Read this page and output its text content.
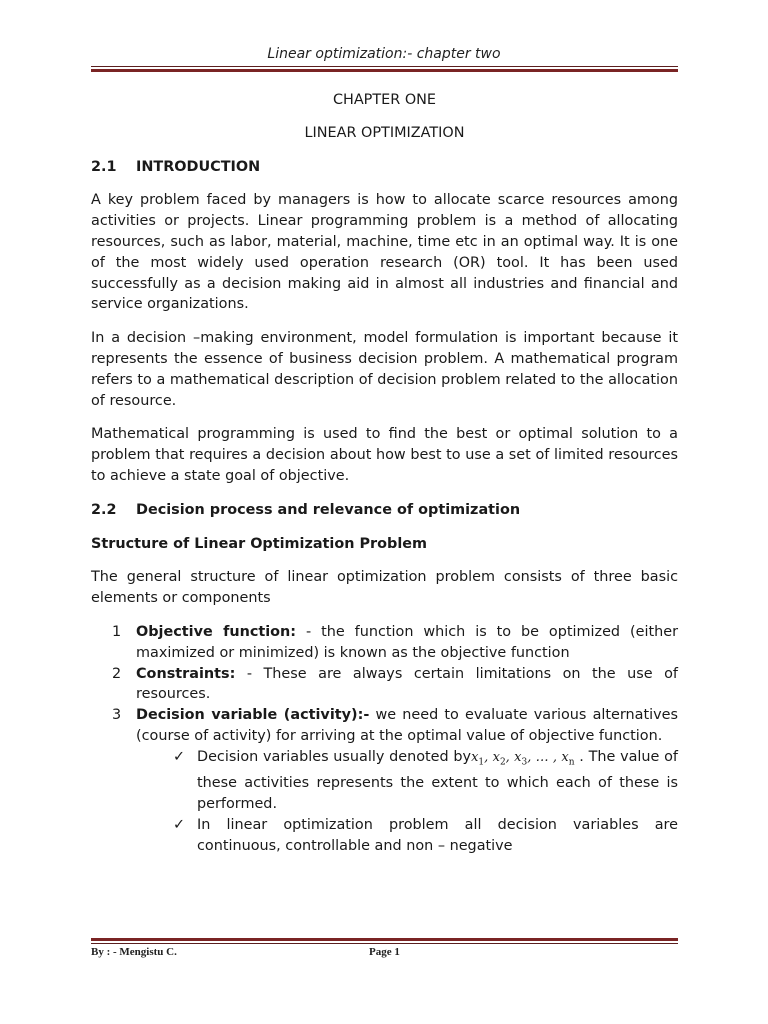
Linear optimization:- chapter two

CHAPTER ONE

LINEAR OPTIMIZATION

2.1	INTRODUCTION

A key problem faced by managers is how to allocate scarce resources among activities or projects. Linear programming problem is a method of allocating resources, such as labor, material, machine, time etc in an optimal way. It is one of the most widely used operation research (OR) tool. It has been used successfully as a decision making aid in almost all industries and financial and service organizations.

In a decision –making environment, model formulation is important because it represents the essence of business decision problem. A mathematical program refers to a mathematical description of decision problem related to the allocation of resource.

Mathematical programming is used to find the best or optimal solution to a problem that requires a decision about how best to use a set of limited resources to achieve a state goal of objective.

2.2	Decision process and relevance of optimization

Structure of Linear Optimization Problem

The general structure of linear optimization problem consists of three basic elements or components

1	Objective function: - the function which is to be optimized (either maximized or minimized) is known as the objective function
2	Constraints: - These are always certain limitations on the use of resources.
3	Decision variable (activity):- we need to evaluate various alternatives (course of activity) for arriving at the optimal value of objective function.
✓ Decision variables usually denoted byx$_1$, $x_2$, $x_3$, … , $x_n$ . The value of these activities represents the extent to which each of these is performed.
✓ In linear optimization problem all decision variables are continuous, controllable and non – negative
By : - Mengistu C.	Page 1
